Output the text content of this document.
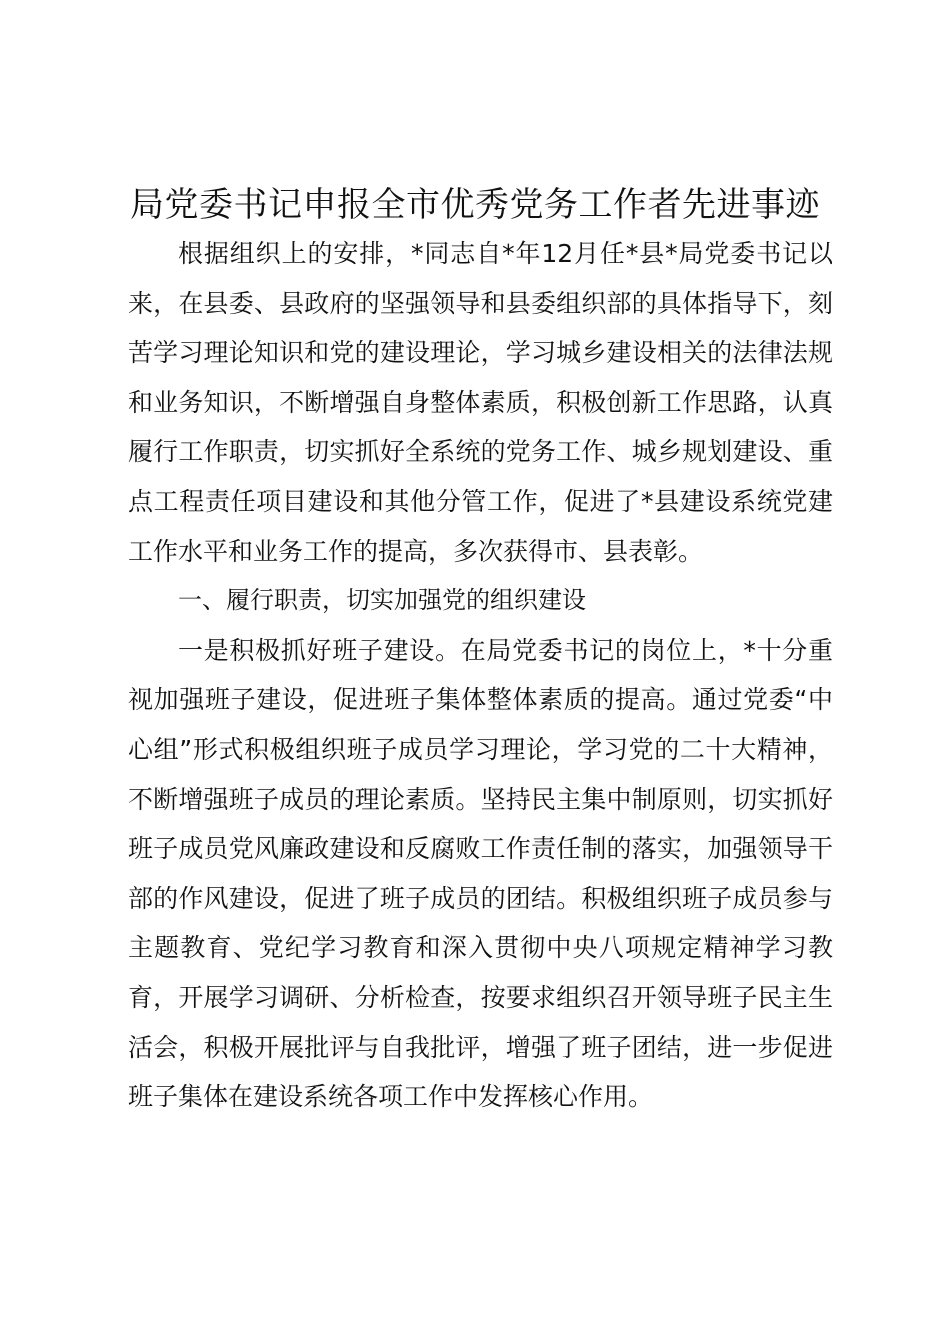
局党委书记申报全市优秀党务工作者先进事迹

根据组织上的安排，*同志自*年12月任*县*局党委书记以来，在县委、县政府的坚强领导和县委组织部的具体指导下，刻苦学习理论知识和党的建设理论，学习城乡建设相关的法律法规和业务知识，不断增强自身整体素质，积极创新工作思路，认真履行工作职责，切实抓好全系统的党务工作、城乡规划建设、重点工程责任项目建设和其他分管工作，促进了*县建设系统党建工作水平和业务工作的提高，多次获得市、县表彰。

一、履行职责，切实加强党的组织建设

一是积极抓好班子建设。在局党委书记的岗位上，*十分重视加强班子建设，促进班子集体整体素质的提高。通过党委“中心组”形式积极组织班子成员学习理论，学习党的二十大精神，不断增强班子成员的理论素质。坚持民主集中制原则，切实抓好班子成员党风廉政建设和反腐败工作责任制的落实，加强领导干部的作风建设，促进了班子成员的团结。积极组织班子成员参与主题教育、党纪学习教育和深入贯彻中央八项规定精神学习教育，开展学习调研、分析检查，按要求组织召开领导班子民主生活会，积极开展批评与自我批评，增强了班子团结，进一步促进班子集体在建设系统各项工作中发挥核心作用。
